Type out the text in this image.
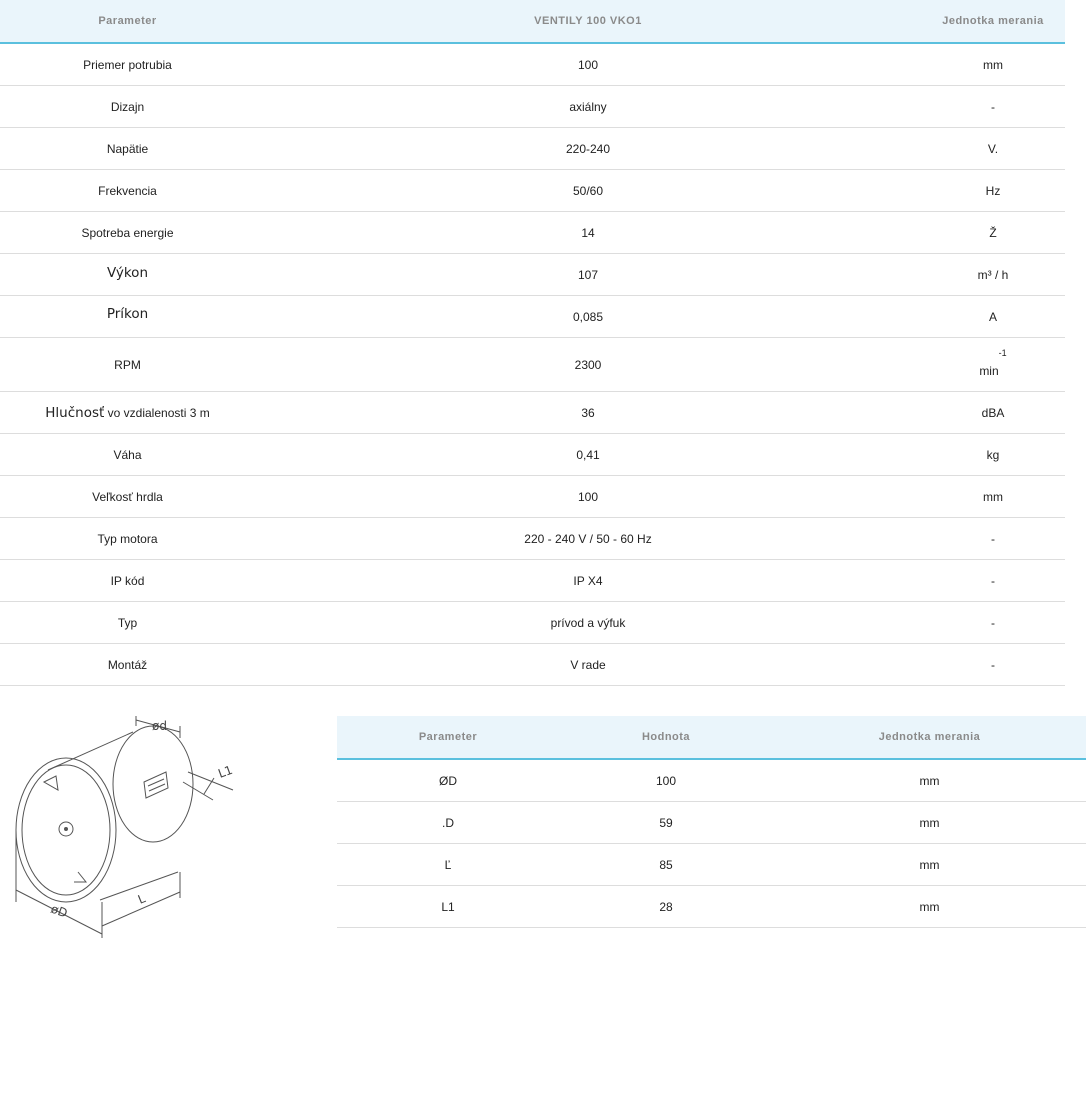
Parameter	VENTILY 100 VKO1	Jednotka merania
Priemer potrubia	100	mm
Dizajn	axiálny	-
Napätie	220-240	V.
Frekvencia	50/60	Hz
Spotreba energie	14	Ž
Výkon	107	m³ / h
Príkon	0,085	A
RPM	2300	$\min^{-1}$
Hlučnosť vo vzdialenosti 3 m	36	dBA
Váha	0,41	kg
Veľkosť hrdla	100	mm
Typ motora	220 - 240 V / 50 - 60 Hz	-
IP kód	IP X4	-
Typ	prívod a výfuk	-
Montáž	V rade	-
ød
L1
øD
L
Parameter	Hodnota	Jednotka merania
ØD	100	mm
.D	59	mm
Ľ	85	mm
L1	28	mm
